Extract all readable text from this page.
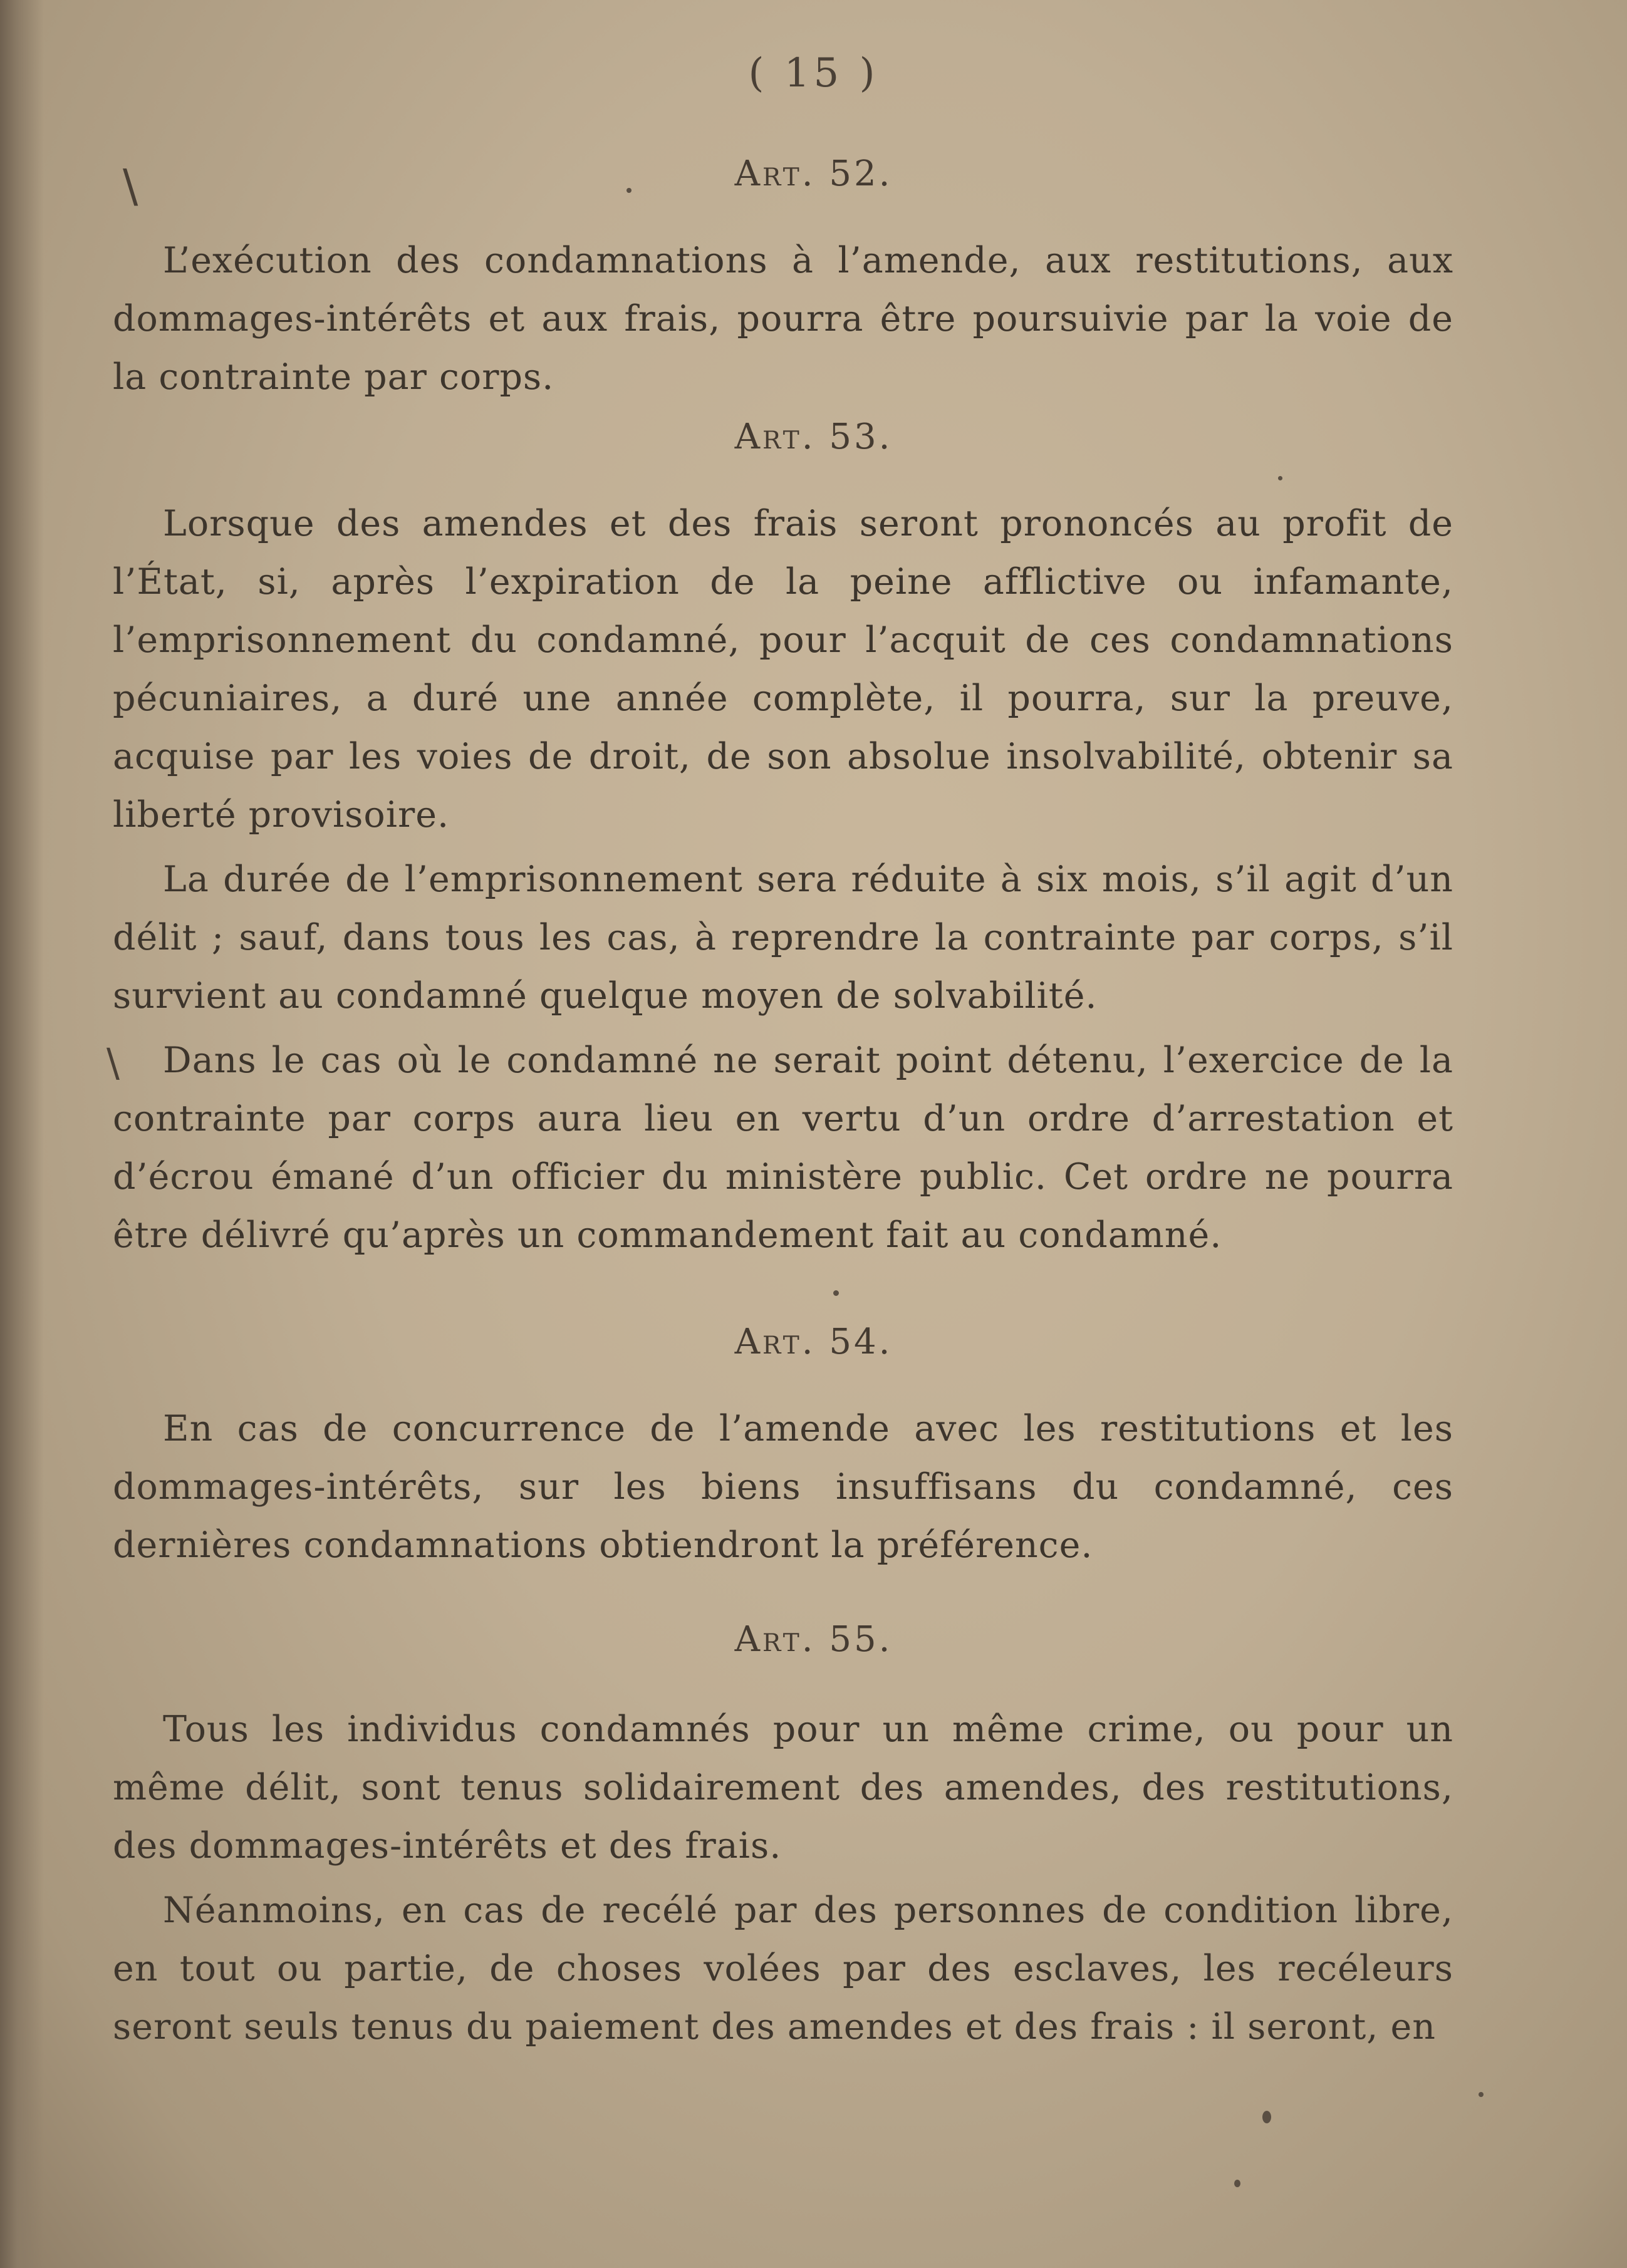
( 15 )
\
\
Art. 52.

L’exécution des condamnations à l’amende, aux restitutions, aux dommages-intérêts et aux frais, pourra être poursuivie par la voie de la contrainte par corps.

Art. 53.

Lorsque des amendes et des frais seront prononcés au profit de l’État, si, après l’expiration de la peine afflictive ou infamante, l’emprisonnement du condamné, pour l’acquit de ces condamnations pécuniaires, a duré une année complète, il pourra, sur la preuve, acquise par les voies de droit, de son absolue insolvabilité, obtenir sa liberté provisoire.

La durée de l’emprisonnement sera réduite à six mois, s’il agit d’un délit ; sauf, dans tous les cas, à reprendre la contrainte par corps, s’il survient au condamné quelque moyen de solvabilité.

Dans le cas où le condamné ne serait point détenu, l’exercice de la contrainte par corps aura lieu en vertu d’un ordre d’arrestation et d’écrou émané d’un officier du ministère public. Cet ordre ne pourra être délivré qu’après un commandement fait au condamné.

Art. 54.

En cas de concurrence de l’amende avec les restitutions et les dommages-intérêts, sur les biens insuffisans du condamné, ces dernières condamnations obtiendront la préférence.

Art. 55.

Tous les individus condamnés pour un même crime, ou pour un même délit, sont tenus solidairement des amendes, des restitutions, des dommages-intérêts et des frais.

Néanmoins, en cas de recélé par des personnes de condition libre, en tout ou partie, de choses volées par des esclaves, les recéleurs seront seuls tenus du paiement des amendes et des frais : il seront, en
